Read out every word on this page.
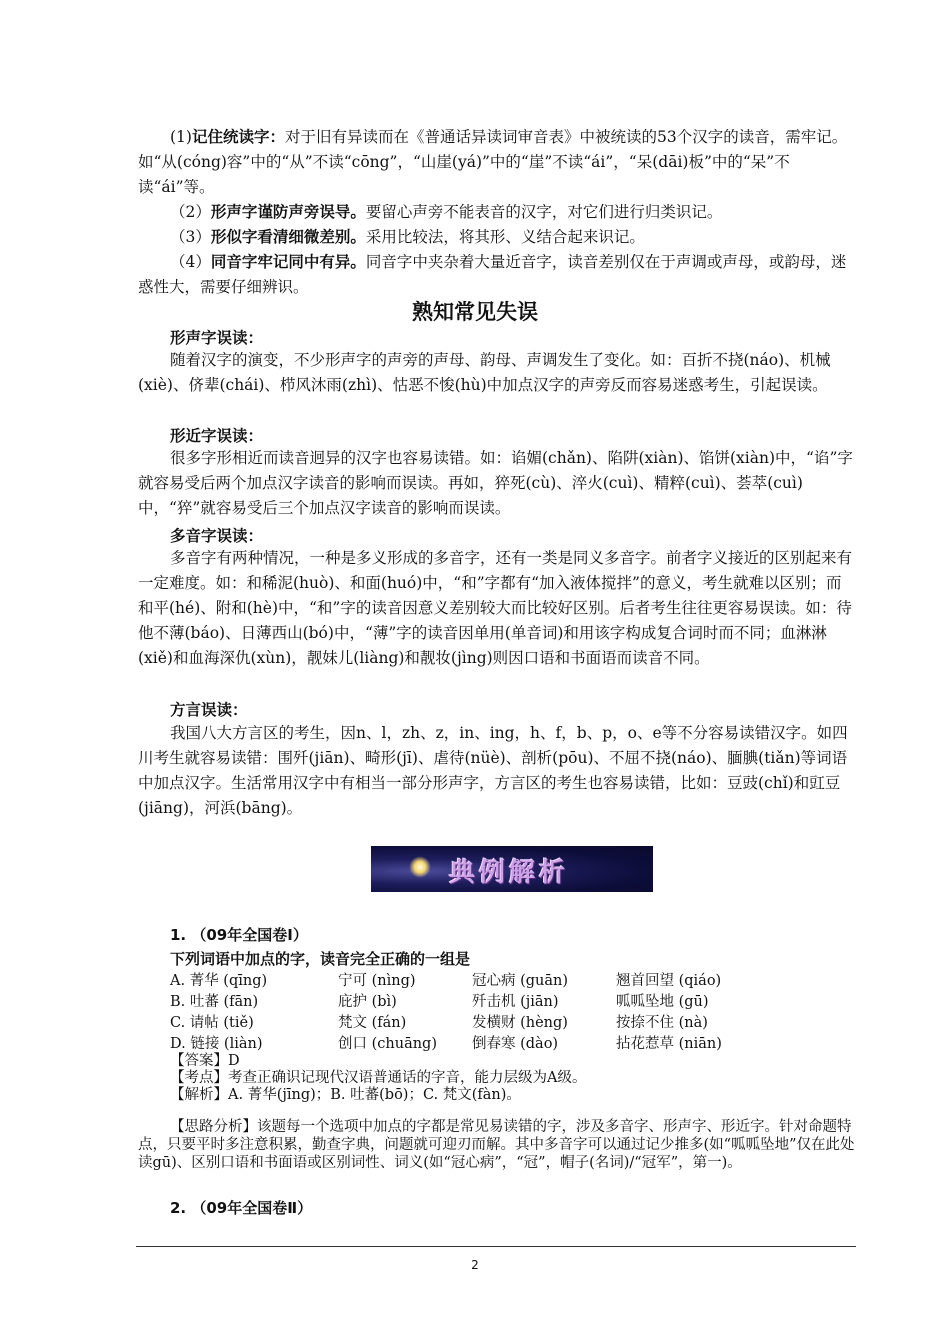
(1)记住统读字：对于旧有异读而在《普通话异读词审音表》中被统读的53个汉字的读音，需牢记。如“从(cóng)容”中的“从”不读“cōng”，“山崖(yá)”中的“崖”不读“ái”，“呆(dāi)板”中的“呆”不读“ái”等。

（2）形声字谨防声旁误导。要留心声旁不能表音的汉字，对它们进行归类识记。

（3）形似字看清细微差别。采用比较法，将其形、义结合起来识记。

（4）同音字牢记同中有异。同音字中夹杂着大量近音字，读音差别仅在于声调或声母，或韵母，迷惑性大，需要仔细辨识。

熟知常见失误
形声字误读：

随着汉字的演变，不少形声字的声旁的声母、韵母、声调发生了变化。如：百折不挠(náo)、机械(xiè)、侪辈(chái)、栉风沐雨(zhì)、怙恶不悛(hù)中加点汉字的声旁反而容易迷惑考生，引起误读。

形近字误读：

很多字形相近而读音迥异的汉字也容易读错。如：谄媚(chǎn)、陷阱(xiàn)、馅饼(xiàn)中，“谄”字就容易受后两个加点汉字读音的影响而误读。再如，猝死(cù)、淬火(cuì)、精粹(cuì)、荟萃(cuì)中，“猝”就容易受后三个加点汉字读音的影响而误读。

多音字误读：

多音字有两种情况，一种是多义形成的多音字，还有一类是同义多音字。前者字义接近的区别起来有一定难度。如：和稀泥(huò)、和面(huó)中，“和”字都有“加入液体搅拌”的意义，考生就难以区别；而和平(hé)、附和(hè)中，“和”字的读音因意义差别较大而比较好区别。后者考生往往更容易误读。如：待他不薄(báo)、日薄西山(bó)中，“薄”字的读音因单用(单音词)和用该字构成复合词时而不同；血淋淋(xiě)和血海深仇(xùn)，靓妹儿(liàng)和靓妆(jìng)则因口语和书面语而读音不同。

方言误读：

我国八大方言区的考生，因n、l，zh、z，in、ing，h、f，b、p，o、e等不分容易读错汉字。如四川考生就容易读错：围歼(jiān)、畸形(jī)、虐待(nüè)、剖析(pōu)、不屈不挠(náo)、腼腆(tiǎn)等词语中加点汉字。生活常用汉字中有相当一部分形声字，方言区的考生也容易读错，比如：豆豉(chǐ)和豇豆(jiāng)，河浜(bāng)。

典例解析
1. （09年全国卷Ⅰ）
下列词语中加点的字，读音完全正确的一组是
A. 菁华 (qīng)	宁可 (nìng)	冠心病 (guān)	翘首回望 (qiáo)
B. 吐蕃 (fān)	庇护 (bì)	歼击机 (jiān)	呱呱坠地 (gū)
C. 请帖 (tiě)	梵文 (fán)	发横财 (hèng)	按捺不住 (nà)
D. 链接 (liàn)	创口 (chuāng) 倒春寒 (dào)	拈花惹草 (niān)
【答案】D
【考点】考查正确识记现代汉语普通话的字音，能力层级为A级。
【解析】A. 菁华(jīng)；B. 吐蕃(bō)；C. 梵文(fàn)。

【思路分析】该题每一个选项中加点的字都是常见易读错的字，涉及多音字、形声字、形近字。针对命题特点，只要平时多注意积累，勤查字典，问题就可迎刃而解。其中多音字可以通过记少推多(如“呱呱坠地”仅在此处读gū)、区别口语和书面语或区别词性、词义(如“冠心病”，“冠”，帽子(名词)/“冠军”，第一)。

2. （09年全国卷Ⅱ）
2
